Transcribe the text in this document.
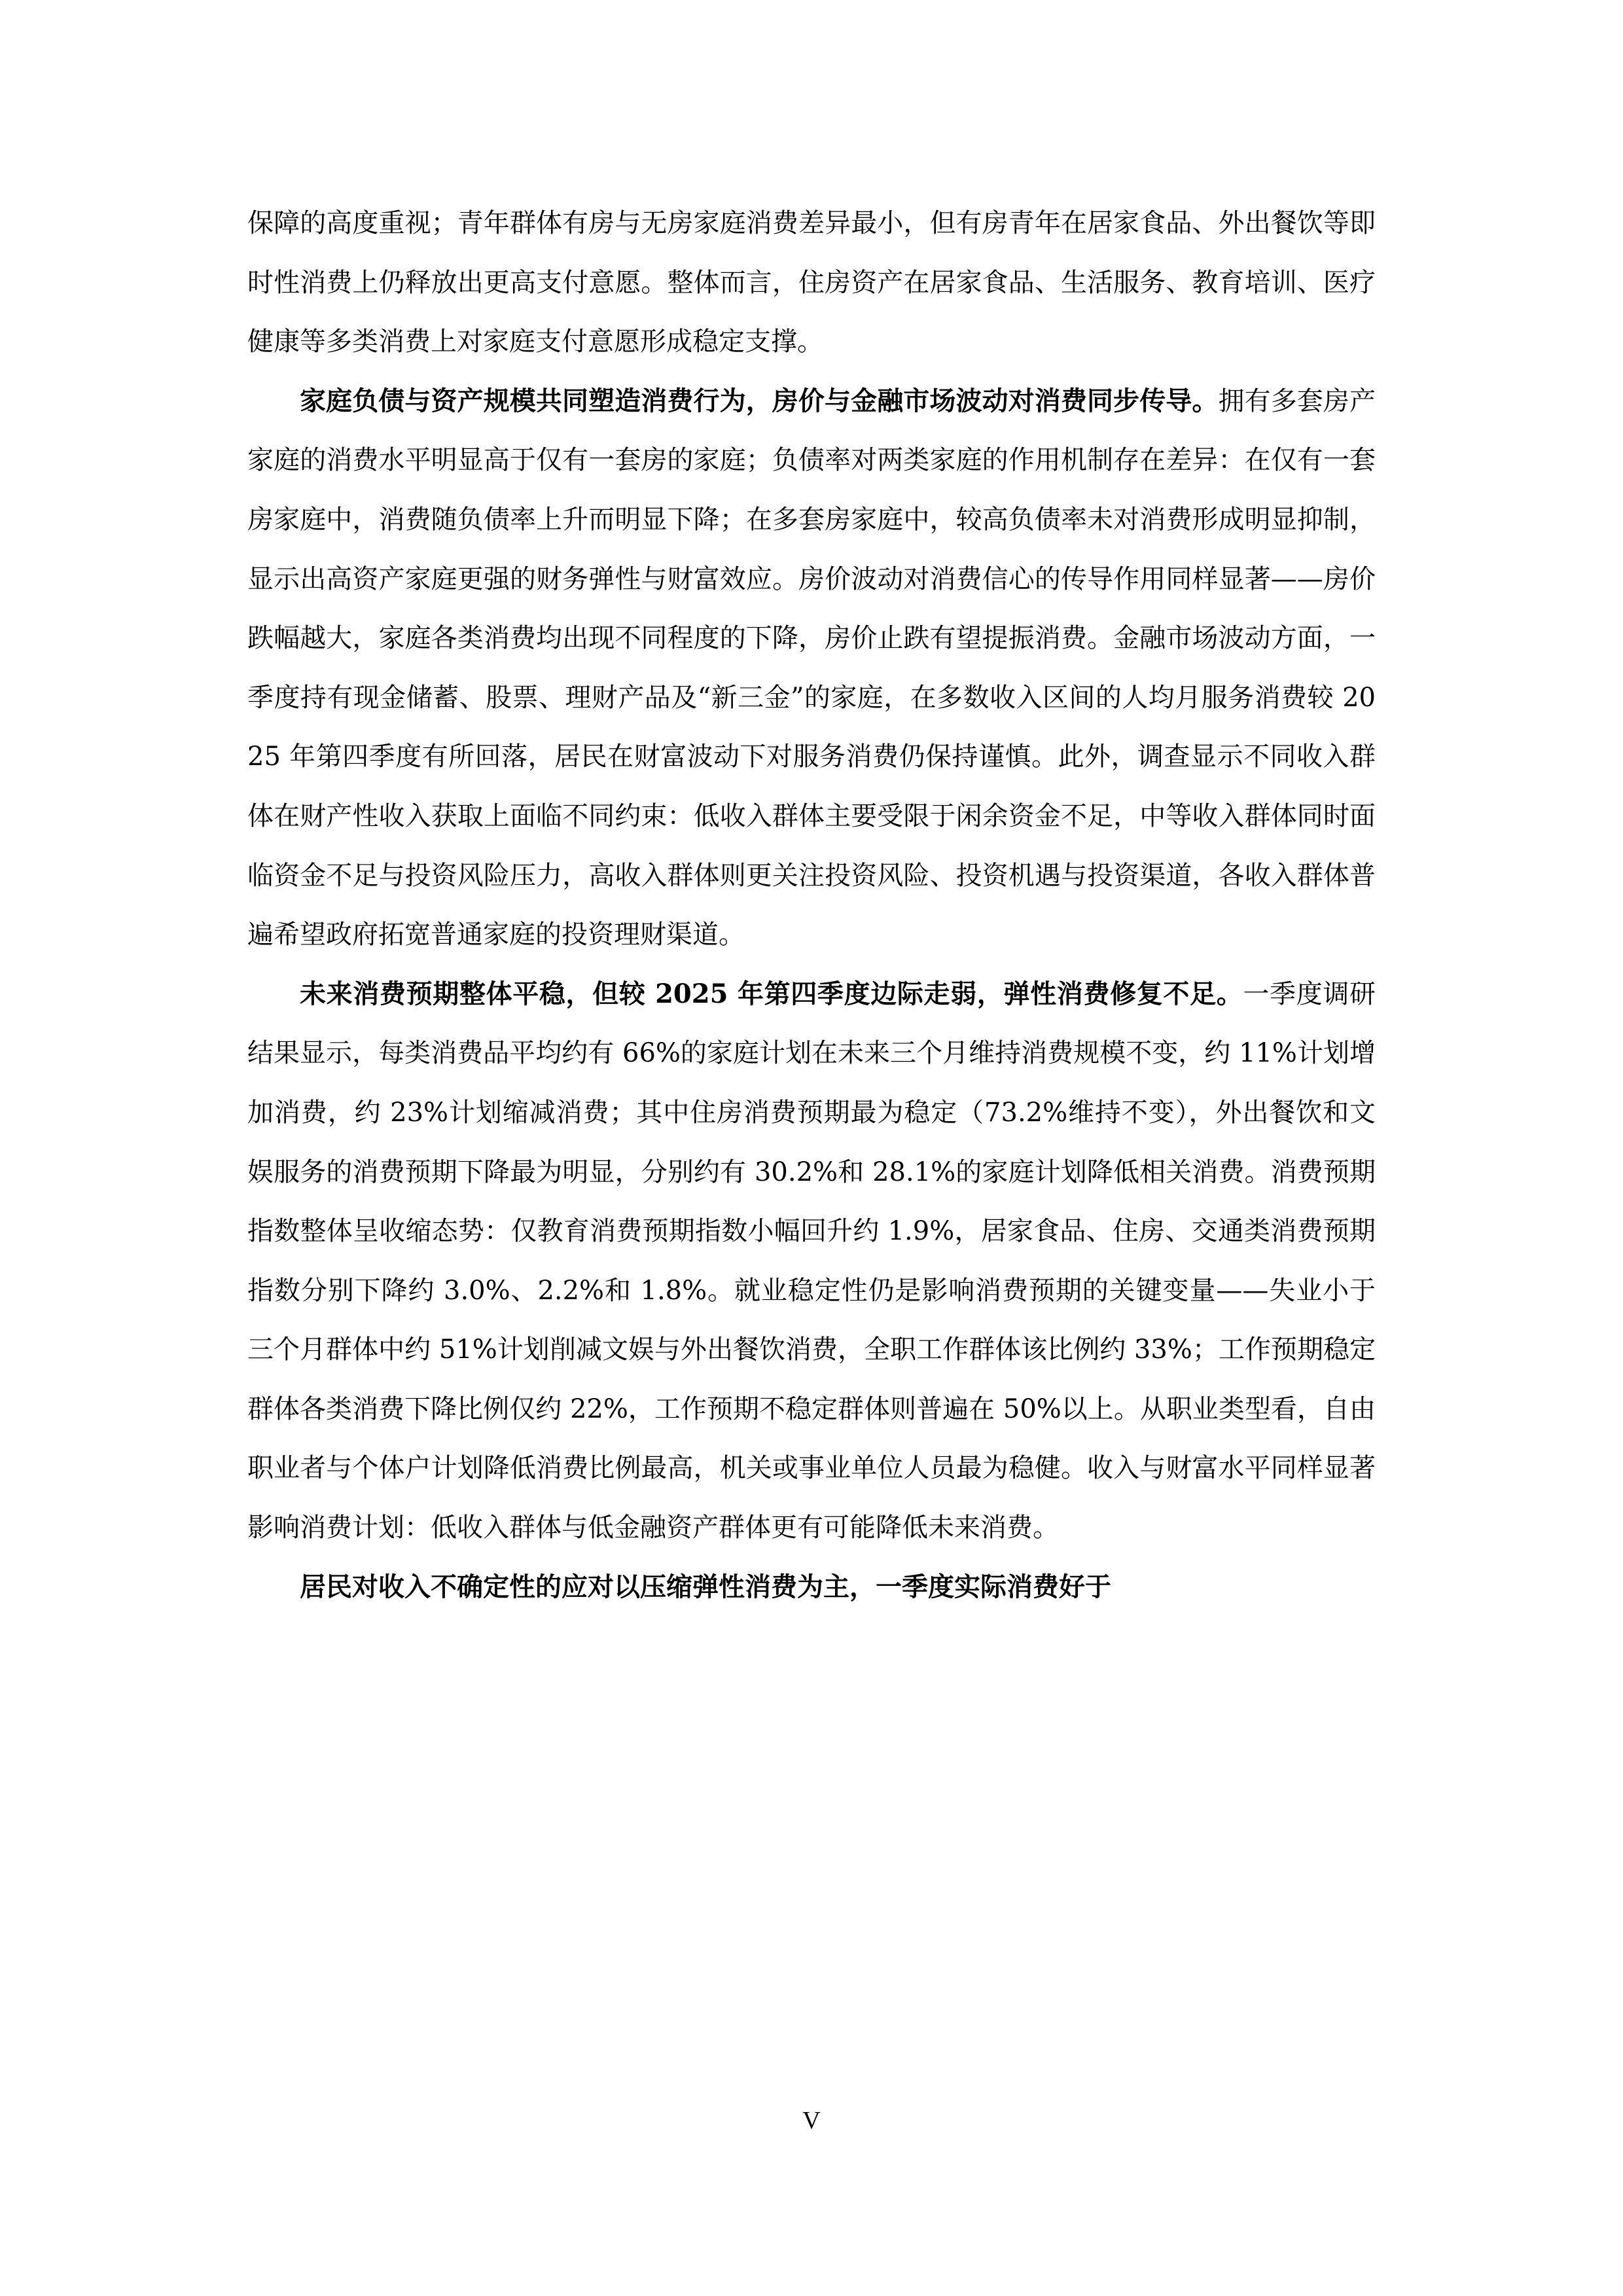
保障的高度重视；青年群体有房与无房家庭消费差异最小，但有房青年在居家食品、外出餐饮等即时性消费上仍释放出更高支付意愿。整体而言，住房资产在居家食品、生活服务、教育培训、医疗健康等多类消费上对家庭支付意愿形成稳定支撑。

家庭负债与资产规模共同塑造消费行为，房价与金融市场波动对消费同步传导。拥有多套房产家庭的消费水平明显高于仅有一套房的家庭；负债率对两类家庭的作用机制存在差异：在仅有一套房家庭中，消费随负债率上升而明显下降；在多套房家庭中，较高负债率未对消费形成明显抑制，显示出高资产家庭更强的财务弹性与财富效应。房价波动对消费信心的传导作用同样显著——房价跌幅越大，家庭各类消费均出现不同程度的下降，房价止跌有望提振消费。金融市场波动方面，一季度持有现金储蓄、股票、理财产品及“新三金”的家庭，在多数收入区间的人均月服务消费较 2025 年第四季度有所回落，居民在财富波动下对服务消费仍保持谨慎。此外，调查显示不同收入群体在财产性收入获取上面临不同约束：低收入群体主要受限于闲余资金不足，中等收入群体同时面临资金不足与投资风险压力，高收入群体则更关注投资风险、投资机遇与投资渠道，各收入群体普遍希望政府拓宽普通家庭的投资理财渠道。

未来消费预期整体平稳，但较 2025 年第四季度边际走弱，弹性消费修复不足。一季度调研结果显示，每类消费品平均约有 66%的家庭计划在未来三个月维持消费规模不变，约 11%计划增加消费，约 23%计划缩减消费；其中住房消费预期最为稳定（73.2%维持不变），外出餐饮和文娱服务的消费预期下降最为明显，分别约有 30.2%和 28.1%的家庭计划降低相关消费。消费预期指数整体呈收缩态势：仅教育消费预期指数小幅回升约 1.9%，居家食品、住房、交通类消费预期指数分别下降约 3.0%、2.2%和 1.8%。就业稳定性仍是影响消费预期的关键变量——失业小于三个月群体中约 51%计划削减文娱与外出餐饮消费，全职工作群体该比例约 33%；工作预期稳定群体各类消费下降比例仅约 22%，工作预期不稳定群体则普遍在 50%以上。从职业类型看，自由职业者与个体户计划降低消费比例最高，机关或事业单位人员最为稳健。收入与财富水平同样显著影响消费计划：低收入群体与低金融资产群体更有可能降低未来消费。

居民对收入不确定性的应对以压缩弹性消费为主，一季度实际消费好于

V
